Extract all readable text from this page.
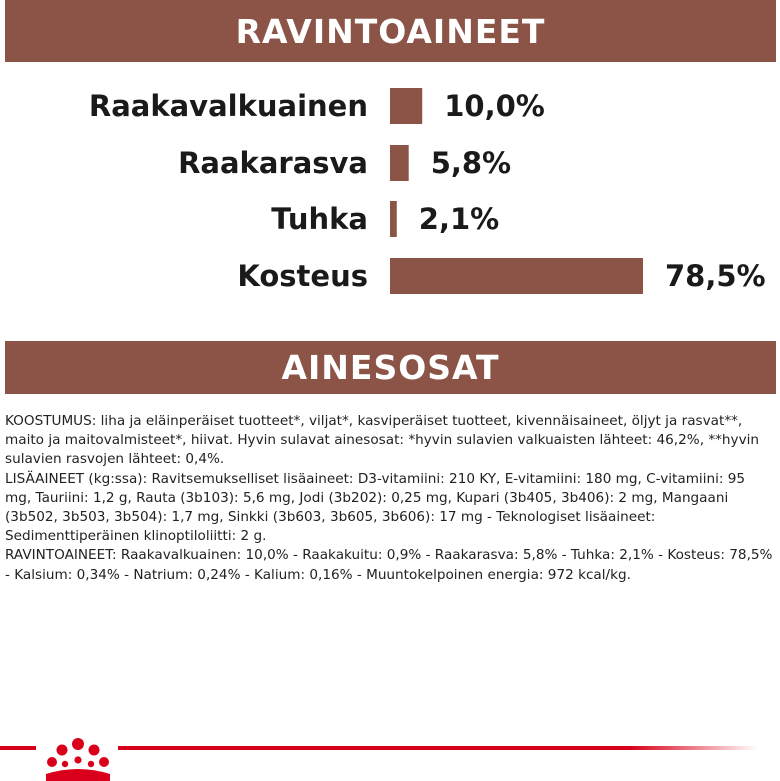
RAVINTOAINEET
Raakavalkuainen	10,0%
Raakarasva 5,8%
Tuhka 2,1%
Kosteus	78,5%
AINESOSAT

KOOSTUMUS: liha ja eläinperäiset tuotteet*, viljat*, kasviperäiset tuotteet, kivennäisaineet, öljyt ja rasvat**, maito ja maitovalmisteet*, hiivat. Hyvin sulavat ainesosat: *hyvin sulavien valkuaisten lähteet: 46,2%, **hyvin sulavien rasvojen lähteet: 0,4%.

LISÄAINEET (kg:ssa): Ravitsemukselliset lisäaineet: D3-vitamiini: 210 KY, E-vitamiini: 180 mg, C-vitamiini: 95 mg, Tauriini: 1,2 g, Rauta (3b103): 5,6 mg, Jodi (3b202): 0,25 mg, Kupari (3b405, 3b406): 2 mg, Mangaani (3b502, 3b503, 3b504): 1,7 mg, Sinkki (3b603, 3b605, 3b606): 17 mg - Teknologiset lisäaineet: Sedimenttiperäinen klinoptiloliitti: 2 g.

RAVINTOAINEET: Raakavalkuainen: 10,0% - Raakakuitu: 0,9% - Raakarasva: 5,8% - Tuhka: 2,1% - Kosteus: 78,5% - Kalsium: 0,34% - Natrium: 0,24% - Kalium: 0,16% - Muuntokelpoinen energia: 972 kcal/kg.
